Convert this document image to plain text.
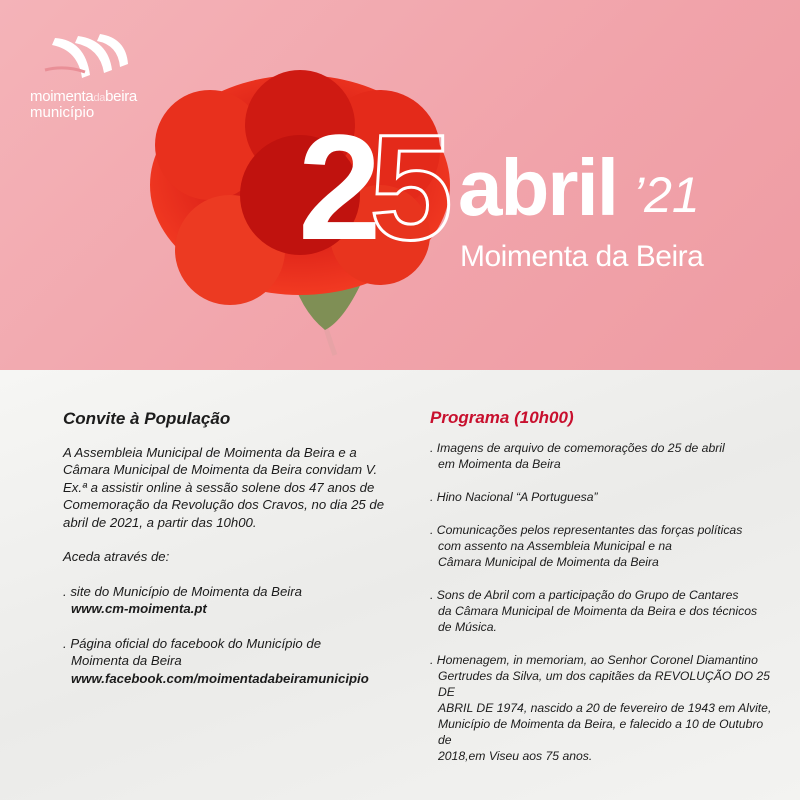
moimentadabeira
município 25 abril ’21
Moimenta da Beira
Convite à População

A Assembleia Municipal de Moimenta da Beira e a Câmara Municipal de Moimenta da Beira convidam V. Ex.ª a assistir online à sessão solene dos 47 anos de Comemoração da Revolução dos Cravos, no dia 25 de abril de 2021, a partir das 10h00.

Aceda através de:

. site do Município de Moimenta da Beira

www.cm-moimenta.pt

. Página oficial do facebook do Município de

Moimenta da Beira
www.facebook.com/moimentadabeiramunicipio

Programa (10h00)

. Imagens de arquivo de comemorações do 25 de abril
em Moimenta da Beira

. Hino Nacional “A Portuguesa”

. Comunicações pelos representantes das forças políticas
com assento na Assembleia Municipal e na
Câmara Municipal de Moimenta da Beira

. Sons de Abril com a participação do Grupo de Cantares
da Câmara Municipal de Moimenta da Beira e dos técnicos
de Música.

. Homenagem, in memoriam, ao Senhor Coronel Diamantino
Gertrudes da Silva, um dos capitães da REVOLUÇÃO DO 25 DE
ABRIL DE 1974, nascido a 20 de fevereiro de 1943 em Alvite,
Município de Moimenta da Beira, e falecido a 10 de Outubro de
2018,em Viseu aos 75 anos.
